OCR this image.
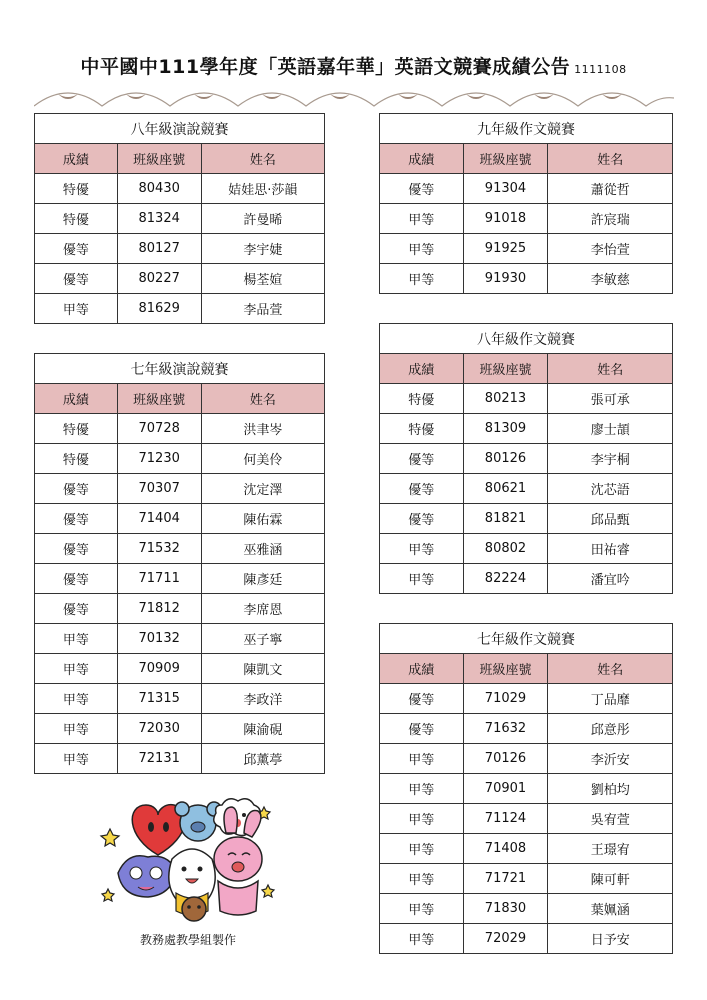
中平國中111學年度「英語嘉年華」英語文競賽成績公告 1111108
八年級演說競賽		
成績	班級座號	姓名
特優	80430	姞娃思‧莎韻
特優	81324	許曼晞
優等	80127	李宇婕
優等	80227	楊荃媗
甲等	81629	李品萱
七年級演說競賽		
成績	班級座號	姓名
特優	70728	洪聿岑
特優	71230	何美伶
優等	70307	沈定澤
優等	71404	陳佑霖
優等	71532	巫雅涵
優等	71711	陳彥廷
優等	71812	李席恩
甲等	70132	巫子寧
甲等	70909	陳凱文
甲等	71315	李政洋
甲等	72030	陳渝硯
甲等	72131	邱薰葶
九年級作文競賽		
成績	班級座號	姓名
優等	91304	蕭從哲
甲等	91018	許宸瑞
甲等	91925	李怡萱
甲等	91930	李敏慈
八年級作文競賽		
成績	班級座號	姓名
特優	80213	張可承
特優	81309	廖士頡
優等	80126	李宇桐
優等	80621	沈芯語
優等	81821	邱品甄
甲等	80802	田祐睿
甲等	82224	潘宜吟
七年級作文競賽		
成績	班級座號	姓名
優等	71029	丁品靡
優等	71632	邱意彤
甲等	70126	李沂安
甲等	70901	劉柏均
甲等	71124	吳宥萱
甲等	71408	王璟宥
甲等	71721	陳可軒
甲等	71830	葉姵涵
甲等	72029	日予安
教務處教學組製作
